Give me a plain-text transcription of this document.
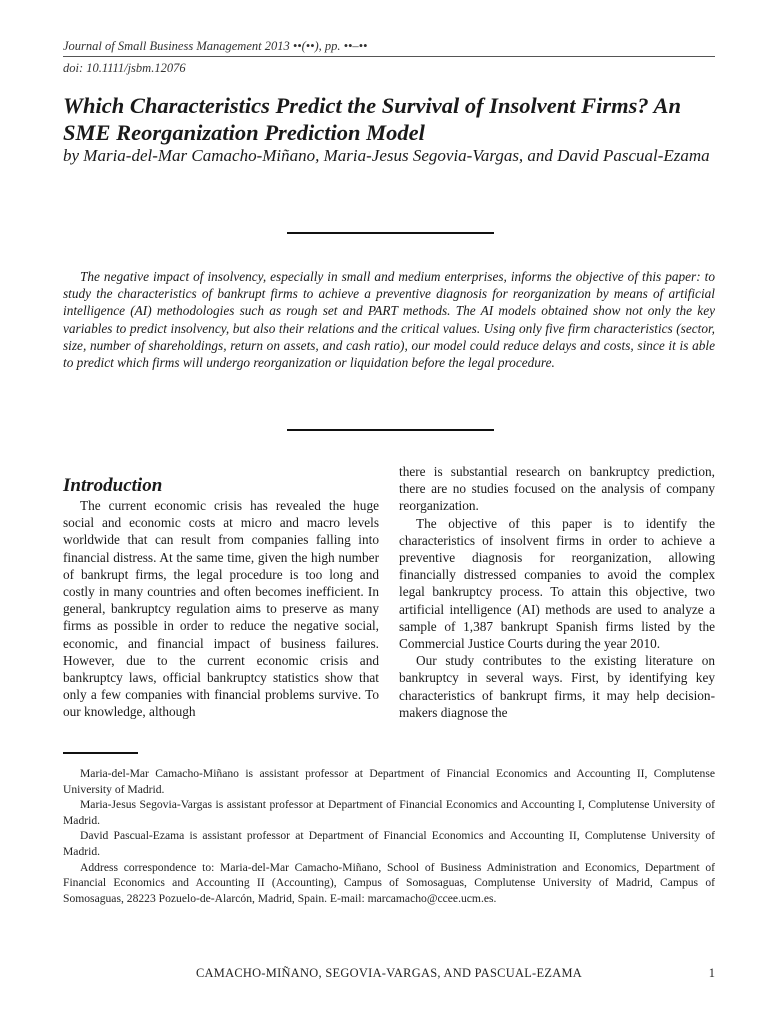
Journal of Small Business Management 2013 ••(••), pp. ••–••
doi: 10.1111/jsbm.12076
Which Characteristics Predict the Survival of Insolvent Firms? An SME Reorganization Prediction Model
by Maria-del-Mar Camacho-Miñano, Maria-Jesus Segovia-Vargas, and David Pascual-Ezama

The negative impact of insolvency, especially in small and medium enterprises, informs the objective of this paper: to study the characteristics of bankrupt firms to achieve a preventive diagnosis for reorganization by means of artificial intelligence (AI) methodologies such as rough set and PART methods. The AI models obtained show not only the key variables to predict insolvency, but also their relations and the critical values. Using only five firm characteristics (sector, size, number of shareholdings, return on assets, and cash ratio), our model could reduce delays and costs, since it is able to predict which firms will undergo reorganization or liquidation before the legal procedure.

Introduction

The current economic crisis has revealed the huge social and economic costs at micro and macro levels worldwide that can result from companies falling into financial distress. At the same time, given the high number of bankrupt firms, the legal procedure is too long and costly in many countries and often becomes inefficient. In general, bankruptcy regulation aims to preserve as many firms as possible in order to reduce the negative social, economic, and financial impact of business failures. However, due to the current economic crisis and bankruptcy laws, official bankruptcy statistics show that only a few companies with financial problems survive. To our knowledge, although

there is substantial research on bankruptcy prediction, there are no studies focused on the analysis of company reorganization.

The objective of this paper is to identify the characteristics of insolvent firms in order to achieve a preventive diagnosis for reorganization, allowing financially distressed companies to avoid the complex legal bankruptcy process. To attain this objective, two artificial intelligence (AI) methods are used to analyze a sample of 1,387 bankrupt Spanish firms listed by the Commercial Justice Courts during the year 2010.

Our study contributes to the existing literature on bankruptcy in several ways. First, by identifying key characteristics of bankrupt firms, it may help decision-makers diagnose the

Maria-del-Mar Camacho-Miñano is assistant professor at Department of Financial Economics and Accounting II, Complutense University of Madrid.

Maria-Jesus Segovia-Vargas is assistant professor at Department of Financial Economics and Accounting I, Complutense University of Madrid.

David Pascual-Ezama is assistant professor at Department of Financial Economics and Accounting II, Complutense University of Madrid.

Address correspondence to: Maria-del-Mar Camacho-Miñano, School of Business Administration and Economics, Department of Financial Economics and Accounting II (Accounting), Campus of Somosaguas, Complutense University of Madrid, Campus of Somosaguas, 28223 Pozuelo-de-Alarcón, Madrid, Spain. E-mail: marcamacho@ccee.ucm.es.

CAMACHO-MIÑANO, SEGOVIA-VARGAS, AND PASCUAL-EZAMA	1
